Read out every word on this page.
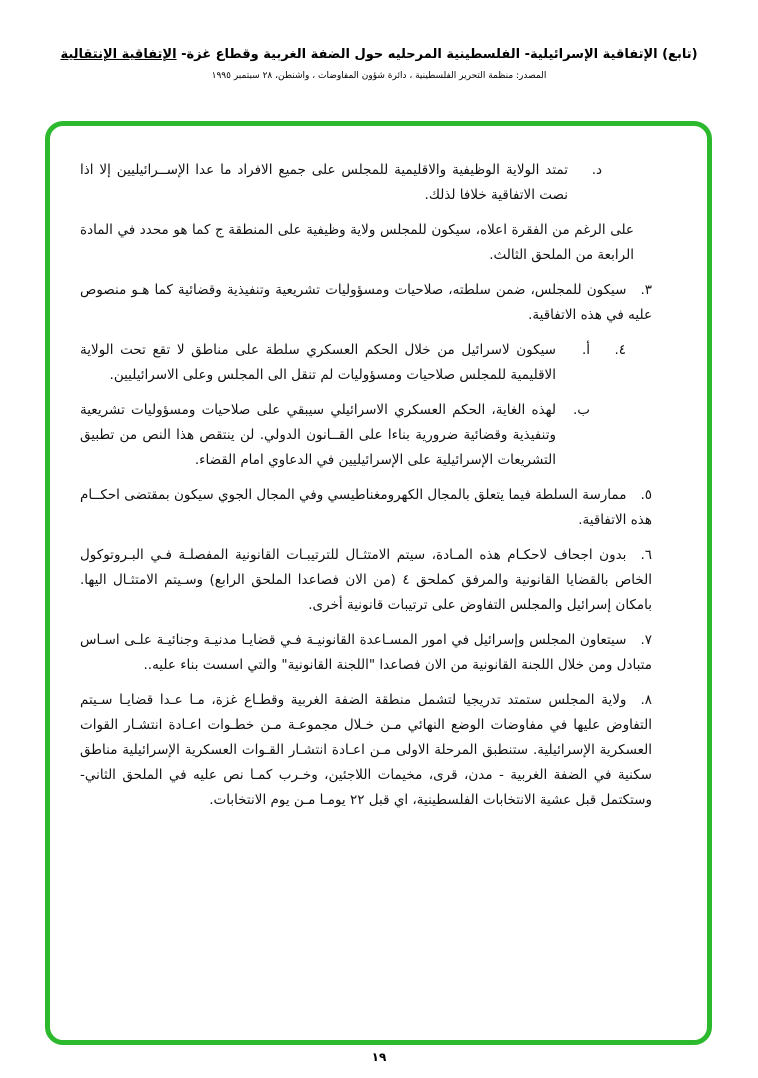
(تابع) الإتفاقية الإسرائيلية- الفلسطينية المرحليه حول الضفة الغربية وقطاع غزة- الإتفاقية الإنتقالية
المصدر: منظمة التحرير الفلسطينية ، دائرة شؤون المفاوضات ، واشنطن، ٢٨ سبتمبر ١٩٩٥
د.
تمتد الولاية الوظيفية والاقليمية للمجلس على جميع الافراد ما عدا الإســرائيليين إلا اذا نصت الاتفاقية خلافا لذلك.
على الرغم من الفقرة اعلاه، سيكون للمجلس ولاية وظيفية على المنطقة ج كما هو محدد في المادة الرابعة من الملحق الثالث.
٣.سيكون للمجلس، ضمن سلطته، صلاحيات ومسؤوليات تشريعية وتنفيذية وقضائية كما هـو منصوص عليه في هذه الاتفاقية.
٤.
أ.
سيكون لاسرائيل من خلال الحكم العسكري سلطة على مناطق لا تقع تحت الولاية الاقليمية للمجلس صلاحيات ومسؤوليات لم تنقل الى المجلس وعلى الاسرائيليين.
ب.
لهذه الغاية، الحكم العسكري الاسرائيلي سيبقي على صلاحيات ومسؤوليات تشريعية وتنفيذية وقضائية ضرورية بناءا على القــانون الدولي. لن ينتقص هذا النص من تطبيق التشريعات الإسرائيلية على الإسرائيليين في الدعاوي امام القضاء.
٥.ممارسة السلطة فيما يتعلق بالمجال الكهرومغناطيسي وفي المجال الجوي سيكون بمقتضى احكــام هذه الاتفاقية.
٦.بدون اجحاف لاحكـام هذه المـادة، سيتم الامتثـال للترتيبـات القانونية المفصلـة فـي البـروتوكول الخاص بالقضايا القانونية والمرفق كملحق ٤ (من الان فصاعدا الملحق الرابع) وسـيتم الامتثـال اليها. بامكان إسرائيل والمجلس التفاوض على ترتيبات قانونية أخرى.
٧.سيتعاون المجلس وإسرائيل في امور المسـاعدة القانونيـة فـي قضايـا مدنيـة وجنائيـة علـى اسـاس متبادل ومن خلال اللجنة القانونية من الان فصاعدا "اللجنة القانونية" والتي اسست بناء عليه..
٨.ولاية المجلس ستمتد تدريجيا لتشمل منطقة الضفة الغربية وقطـاع غزة، مـا عـدا قضايـا سـيتم التفاوض عليها في مفاوضات الوضع النهائي مـن خـلال مجموعـة مـن خطـوات اعـادة انتشـار القوات العسكرية الإسرائيلية. ستنطبق المرحلة الاولى مـن اعـادة انتشـار القـوات العسكرية الإسرائيلية مناطق سكنية في الضفة الغربية - مدن، قرى، مخيمات اللاجئين، وخـرب كمـا نص عليه في الملحق الثاني- وستكتمل قبل عشية الانتخابات الفلسطينية، اي قبل ٢٢ يومـا مـن يوم الانتخابات.
١٩
